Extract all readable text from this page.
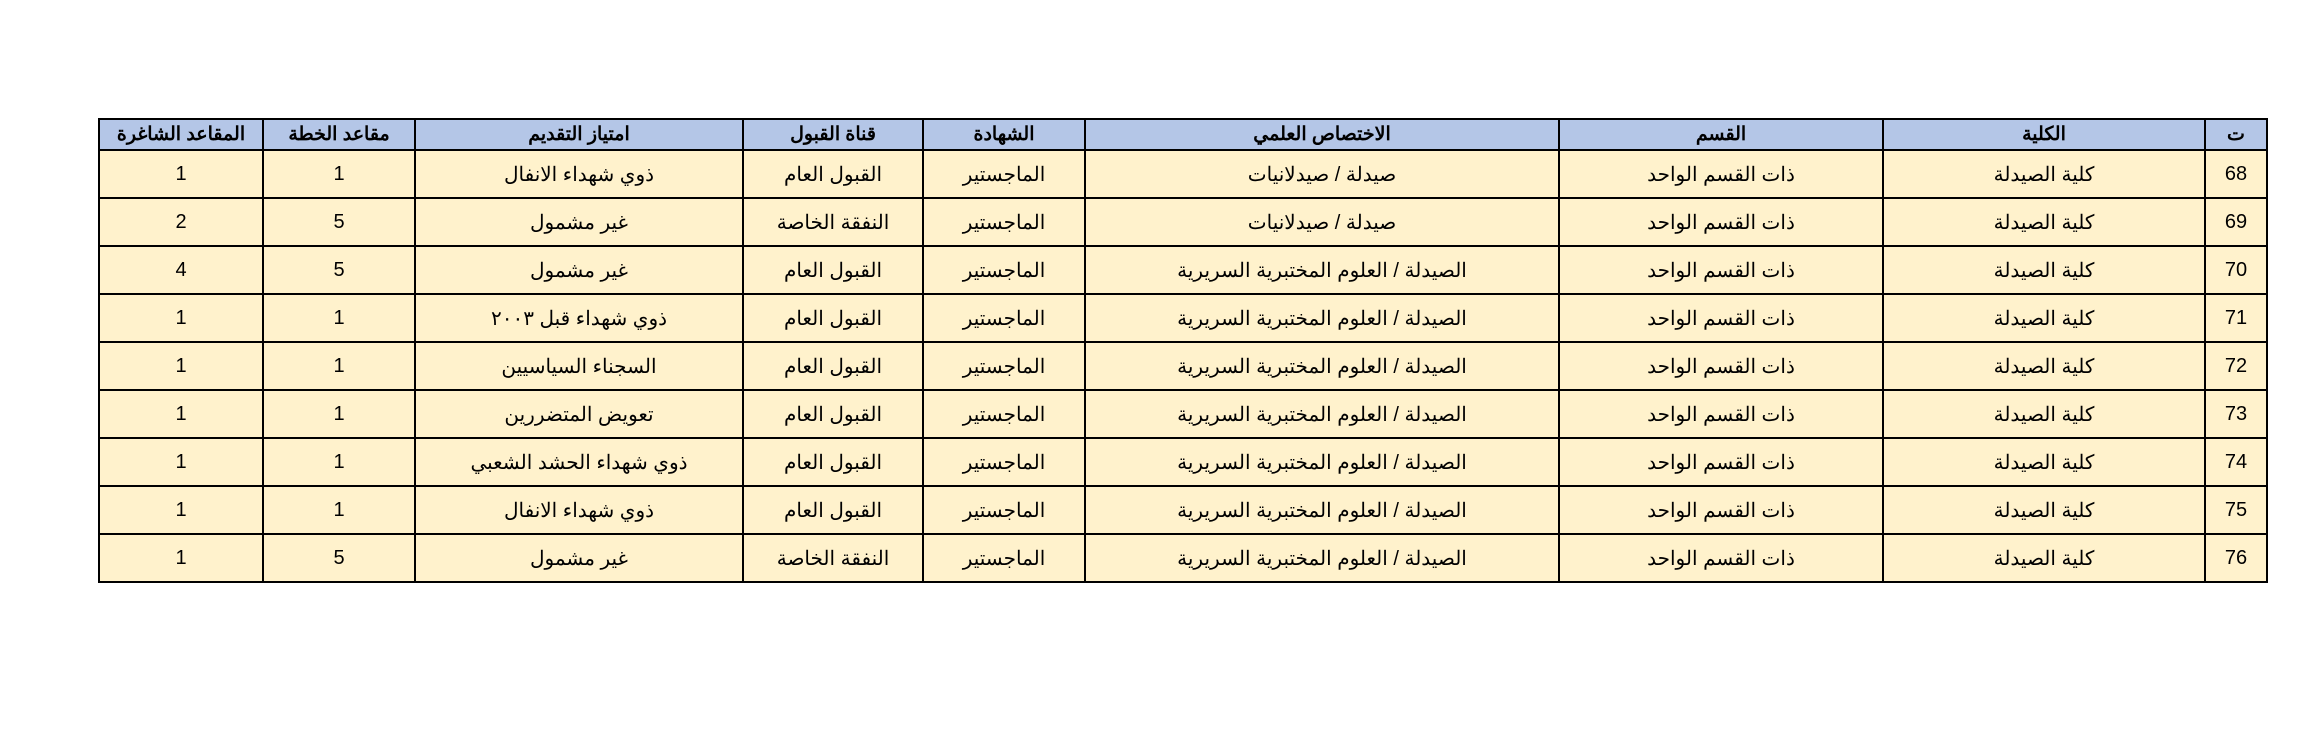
المقاعد الشاغرة	مقاعد الخطة	امتياز التقديم	قناة القبول	الشهادة	الاختصاص العلمي	القسم	الكلية	ت
1	1	ذوي شهداء الانفال	القبول العام	الماجستير	صيدلة / صيدلانيات	ذات القسم الواحد	كلية الصيدلة	68
2	5	غير مشمول	النفقة الخاصة	الماجستير	صيدلة / صيدلانيات	ذات القسم الواحد	كلية الصيدلة	69
4	5	غير مشمول	القبول العام	الماجستير	الصيدلة / العلوم المختبرية السريرية	ذات القسم الواحد	كلية الصيدلة	70
1	1	ذوي شهداء قبل ٢٠٠٣	القبول العام	الماجستير	الصيدلة / العلوم المختبرية السريرية	ذات القسم الواحد	كلية الصيدلة	71
1	1	السجناء السياسيين	القبول العام	الماجستير	الصيدلة / العلوم المختبرية السريرية	ذات القسم الواحد	كلية الصيدلة	72
1	1	تعويض المتضررين	القبول العام	الماجستير	الصيدلة / العلوم المختبرية السريرية	ذات القسم الواحد	كلية الصيدلة	73
1	1	ذوي شهداء الحشد الشعبي	القبول العام	الماجستير	الصيدلة / العلوم المختبرية السريرية	ذات القسم الواحد	كلية الصيدلة	74
1	1	ذوي شهداء الانفال	القبول العام	الماجستير	الصيدلة / العلوم المختبرية السريرية	ذات القسم الواحد	كلية الصيدلة	75
1	5	غير مشمول	النفقة الخاصة	الماجستير	الصيدلة / العلوم المختبرية السريرية	ذات القسم الواحد	كلية الصيدلة	76
